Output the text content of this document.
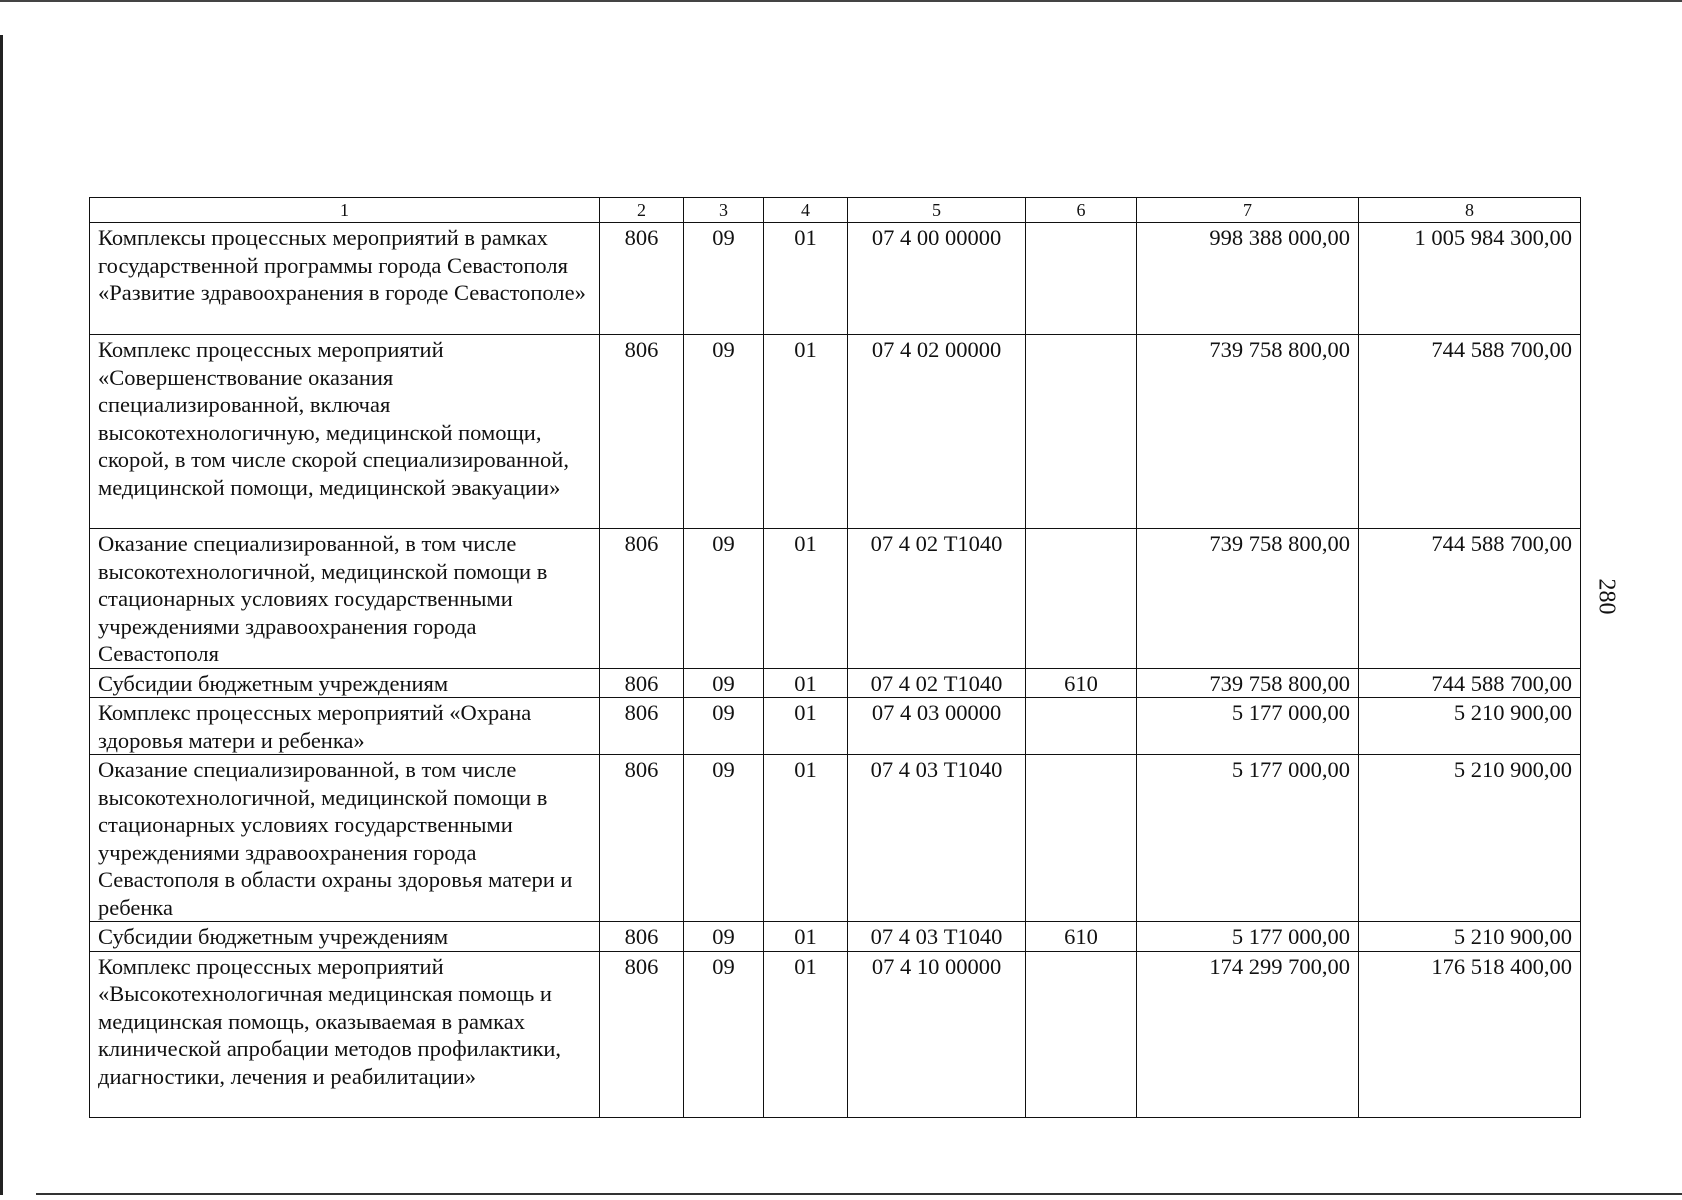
280
1	2	3	4	5	6	7	8
Комплексы процессных мероприятий в рамках государственной программы города Севастополя «Развитие здравоохранения в городе Севастополе»	806	09	01	07 4 00 00000		998 388 000,00	1 005 984 300,00
Комплекс процессных мероприятий «Совершенствование оказания специализированной, включая высокотехнологичную, медицинской помощи, скорой, в том числе скорой специализированной, медицинской помощи, медицинской эвакуации»	806	09	01	07 4 02 00000		739 758 800,00	744 588 700,00
Оказание специализированной, в том числе высокотехнологичной, медицинской помощи в стационарных условиях государственными учреждениями здравоохранения города Севастополя	806	09	01	07 4 02 Т1040		739 758 800,00	744 588 700,00
Субсидии бюджетным учреждениям	806	09	01	07 4 02 Т1040	610	739 758 800,00	744 588 700,00
Комплекс процессных мероприятий «Охрана здоровья матери и ребенка»	806	09	01	07 4 03 00000		5 177 000,00	5 210 900,00
Оказание специализированной, в том числе высокотехнологичной, медицинской помощи в стационарных условиях государственными учреждениями здравоохранения города Севастополя в области охраны здоровья матери и ребенка	806	09	01	07 4 03 Т1040		5 177 000,00	5 210 900,00
Субсидии бюджетным учреждениям	806	09	01	07 4 03 Т1040	610	5 177 000,00	5 210 900,00
Комплекс процессных мероприятий «Высокотехнологичная медицинская помощь и медицинская помощь, оказываемая в рамках клинической апробации методов профилактики, диагностики, лечения и реабилитации»	806	09	01	07 4 10 00000		174 299 700,00	176 518 400,00
